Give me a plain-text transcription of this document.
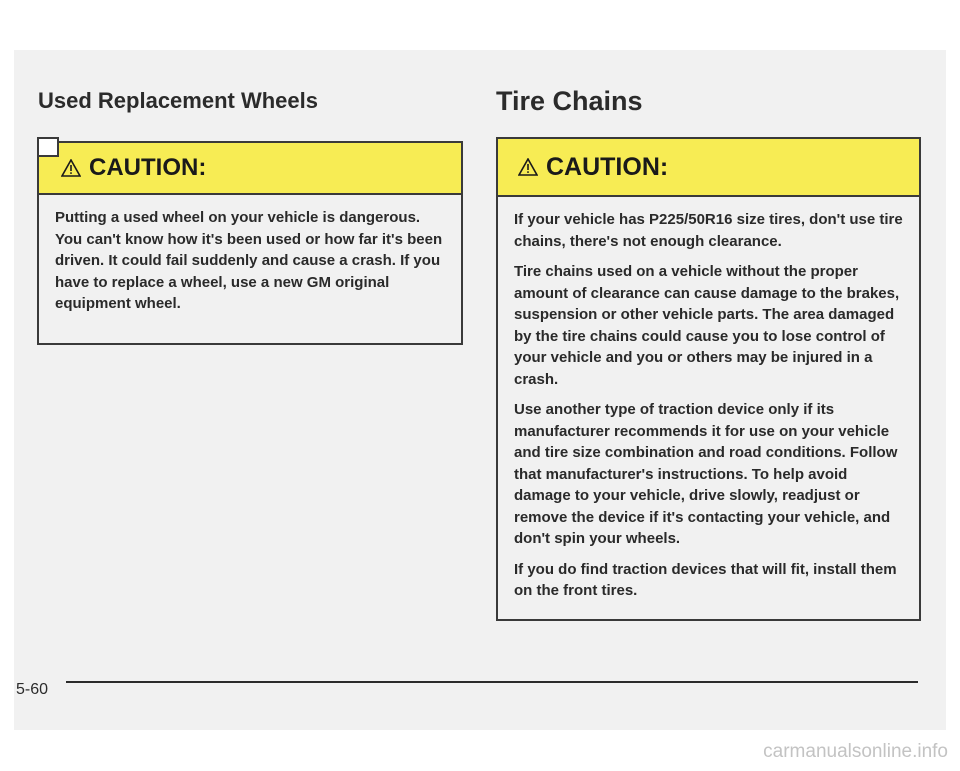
Used Replacement Wheels	Tire Chains
CAUTION:

Putting a used wheel on your vehicle is dangerous. You can't know how it's been used or how far it's been driven. It could fail suddenly and cause a crash. If you have to replace a wheel, use a new GM original equipment wheel.

CAUTION:

If your vehicle has P225/50R16 size tires, don't use tire chains, there's not enough clearance.

Tire chains used on a vehicle without the proper amount of clearance can cause damage to the brakes, suspension or other vehicle parts. The area damaged by the tire chains could cause you to lose control of your vehicle and you or others may be injured in a crash.

Use another type of traction device only if its manufacturer recommends it for use on your vehicle and tire size combination and road conditions. Follow that manufacturer's instructions. To help avoid damage to your vehicle, drive slowly, readjust or remove the device if it's contacting your vehicle, and don't spin your wheels.

If you do find traction devices that will fit, install them on the front tires.

5-60
carmanualsonline.info
